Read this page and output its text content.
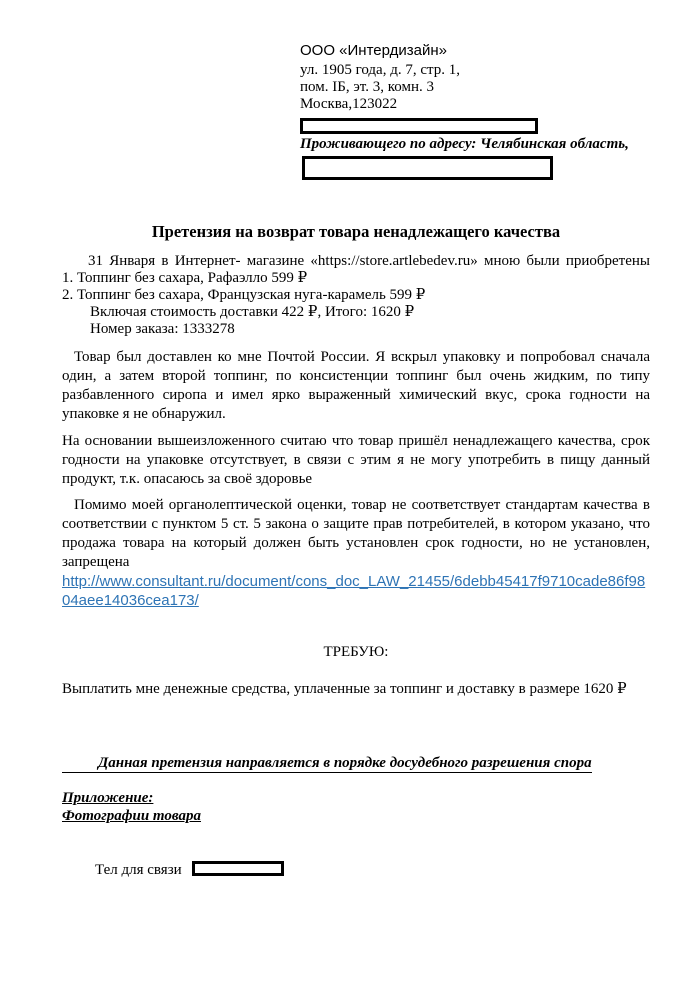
ООО «Интердизайн»
ул. 1905 года, д. 7, стр. 1,
пом. IБ, эт. 3, комн. 3
Москва,123022
Проживающего по адресу: Челябинская область,
Претензия на возврат товара ненадлежащего качества
31 Января в Интернет- магазине «https://store.artlebedev.ru» мною были приобретены
1. Топпинг без сахара, Рафаэлло 599 ₽
2. Топпинг без сахара, Французская нуга-карамель 599 ₽
Включая стоимость доставки 422 ₽, Итого: 1620 ₽
Номер заказа: 1333278

Товар был доставлен ко мне Почтой России. Я вскрыл упаковку и попробовал сначала один, а затем второй топпинг, по консистенции топпинг был очень жидким, по типу разбавленного сиропа и имел ярко выраженный химический вкус, срока годности на упаковке я не обнаружил.

На основании вышеизложенного считаю что товар пришёл ненадлежащего качества, срок годности на упаковке отсутствует, в связи с этим я не могу употребить в пищу данный продукт, т.к. опасаюсь за своё здоровье

Помимо моей органолептической оценки, товар не соответствует стандартам качества в соответствии с пунктом 5 ст. 5 закона о защите прав потребителей, в котором указано, что продажа товара на который должен быть установлен срок годности, но не установлен, запрещена

http://www.consultant.ru/document/cons_doc_LAW_21455/6debb45417f9710cade86f9804aee14036cea173/
ТРЕБУЮ:

Выплатить мне денежные средства, уплаченные за топпинг и доставку в размере 1620 ₽

Данная претензия направляется в порядке досудебного разрешения спора
Приложение:
Фотографии товара
Тел для связи
